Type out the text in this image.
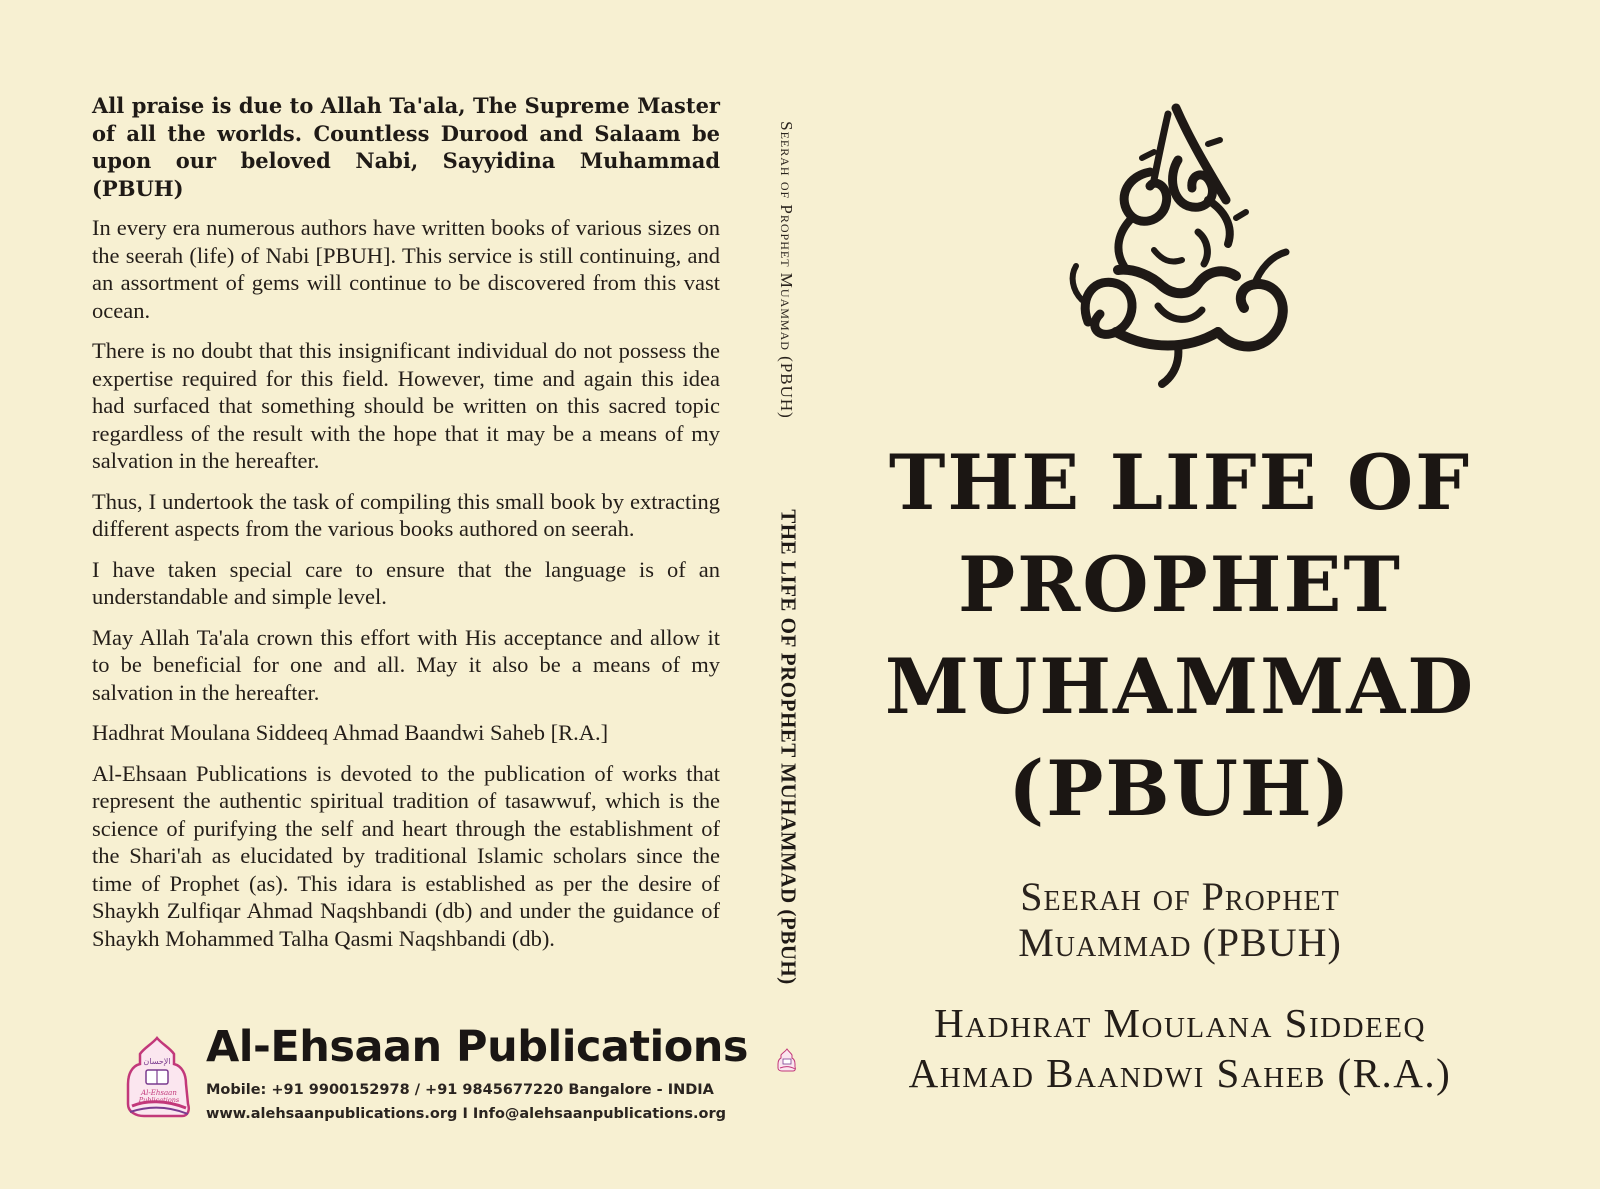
All praise is due to Allah Ta'ala, The Supreme Master of all the worlds. Countless Durood and Salaam be upon our beloved Nabi, Sayyidina Muhammad (PBUH)

In every era numerous authors have written books of various sizes on the seerah (life) of Nabi [PBUH]. This service is still continuing, and an assortment of gems will continue to be discovered from this vast ocean.

There is no doubt that this insignificant individual do not possess the expertise required for this field. However, time and again this idea had surfaced that something should be written on this sacred topic regardless of the result with the hope that it may be a means of my salvation in the hereafter.

Thus, I undertook the task of compiling this small book by extracting different aspects from the various books authored on seerah.

I have taken special care to ensure that the language is of an understandable and simple level.

May Allah Ta'ala crown this effort with His acceptance and allow it to be beneficial for one and all. May it also be a means of my salvation in the hereafter.

Hadhrat Moulana Siddeeq Ahmad Baandwi Saheb [R.A.]

Al-Ehsaan Publications is devoted to the publication of works that represent the authentic spiritual tradition of tasawwuf, which is the science of purifying the self and heart through the establishment of the Shari'ah as elucidated by traditional Islamic scholars since the time of Prophet (as). This idara is established as per the desire of Shaykh Zulfiqar Ahmad Naqshbandi (db) and under the guidance of Shaykh Mohammed Talha Qasmi Naqshbandi (db).

الإحسان
Al-Ehsaan
Publications
Al-Ehsaan Publications
Mobile: +91 9900152978 / +91 9845677220 Bangalore - INDIA
www.alehsaanpublications.org I Info@alehsaanpublications.org
Seerah of Prophet Muammad (PBUH)
THE LIFE OF PROPHET MUHAMMAD (PBUH)
THE LIFE OF
PROPHET
MUHAMMAD
(PBUH)
Seerah of Prophet
Muammad (PBUH)
Hadhrat Moulana Siddeeq
Ahmad Baandwi Saheb (R.A.)
